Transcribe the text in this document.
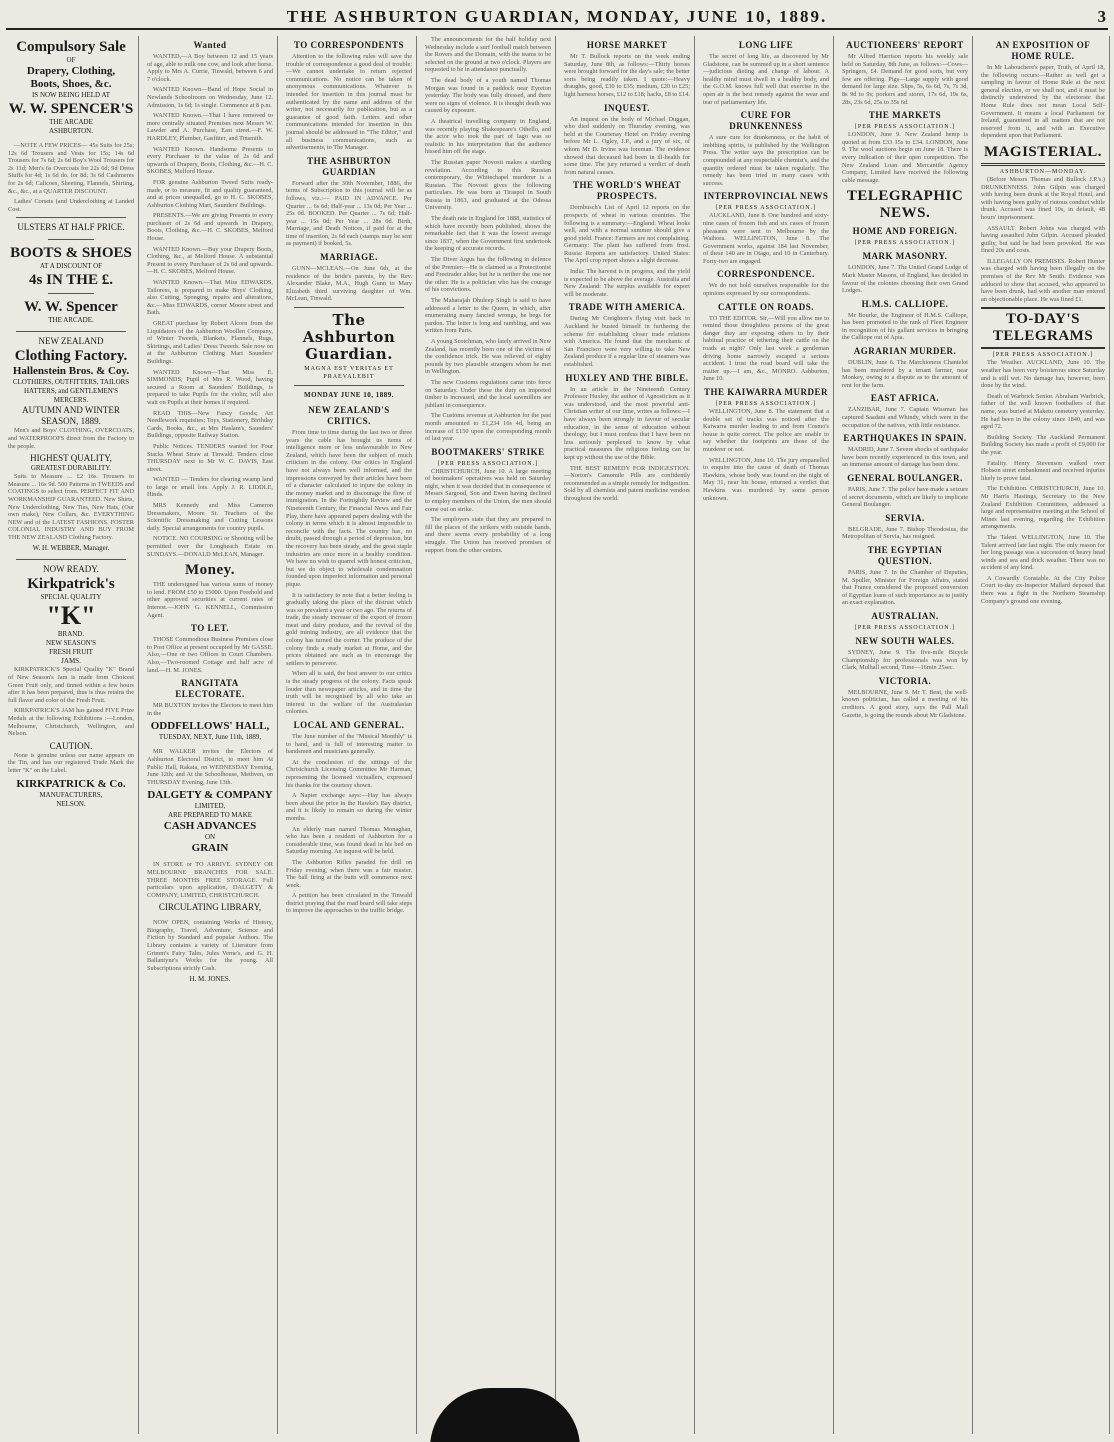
THE ASHBURTON GUARDIAN, MONDAY, JUNE 10, 1889.	3
Compulsory Sale
OF
Drapery, Clothing,
Boots, Shoes, &c.
IS NOW BEING HELD AT
W. W. SPENCER'S
THE ARCADE
ASHBURTON.

—NOTE A FEW PRICES— 45s Suits for 25s; 12s 6d Trousers and Vests for 15s; 14s 6d Trousers for 7s 6d; 2s 6d Boy's Wool Trousers for 2s 11d; Men's 6s Overcoats for 22s 6d; 9d Dress Stuffs for 4d; 1s 6d do. for 8d; 3s 6d Cashmeres for 2s 6d; Calicoes, Sheeting, Flannels, Shirting, &c., &c., at a QUARTER DISCOUNT.

Ladies' Corsets (and Underclothing at Landed Cost.

ULSTERS AT HALF PRICE.
BOOTS & SHOES
AT A DISCOUNT OF
4s IN THE £.
W. W. Spencer
THE ARCADE.
NEW ZEALAND
Clothing Factory.
Hallenstein Bros. & Coy.
CLOTHIERS, OUTFITTERS, TAILORS HATTERS, and GENTLEMEN'S MERCERS.
AUTUMN AND WINTER
SEASON, 1889.

Men's and Boys' CLOTHING, OVERCOATS, and WATERPROOFS direct from the Factory to the people.

HIGHEST QUALITY,
GREATEST DURABILITY.

Suits to Measure ... £2 16s. Trousers to Measure ... 16s 9d. 500 Patterns in TWEEDS and COATINGS to select from. PERFECT FIT AND WORKMANSHIP GUARANTEED. New Shirts, New Underclothing, New Ties, New Hats, (Our own make), New Collars, &c. EVERYTHING NEW and of the LATEST FASHIONS. FOSTER COLONIAL INDUSTRY AND BUY FROM THE NEW ZEALAND Clothing Factory.

W. H. WEBBER, Manager.
NOW READY.
Kirkpatrick's
SPECIAL QUALITY
"K"
BRAND.
NEW SEASON'S
FRESH FRUIT
JAMS.

KIRKPATRICK'S Special Quality "K" Brand of New Season's Jam is made from Choicest Green Fruit only, and tinned within a few hours after it has been prepared, thus is thus retains the full flavor and color of the Fresh Fruit.

KIRKPATRICK'S JAM has gained FIVE Prize Medals at the following Exhibitions :—London, Melbourne, Christchurch, Wellington, and Nelson.

CAUTION.

None is genuine unless our name appears on the Tin, and has our registered Trade Mark the letter "K" on the Label.

KIRKPATRICK & Co.
MANUFACTURERS,
NELSON.
Wanted

WANTED,—A Boy between 12 and 15 years of age, able to milk one cow, and look after horse. Apply to Mrs A. Currie, Tinwald, between 6 and 7 o'clock.

WANTED Known—Band of Hope Social in Newlands Schoolroom on Wednesday, June 12. Admission, 1s 6d; 1s single. Commence at 8 p.m.

WANTED Known.—That I have removed to more centrally situated Premises next Messrs W. Lawder and A. Purchase, East street.—F. W. HARDLEY, Plumber, Gasfitter, and Tinsmith.

WANTED Known. Handsome Presents to every Purchaser to the value of 2s 6d and upwards of Drapery, Boots, Clothing, &c.—H. C. SKOBES, Melford House.

FOR genuine Ashburton Tweed Suits ready-made, or to measure, fit and quality guaranteed, and at prices unequalled, go to H. C. SKOBES, Ashburton Clothing Mart, Saunders' Buildings.

PRESENTS.—We are giving Presents to every purchaser of 2s 6d and upwards in Drapery, Boots, Clothing, &c.—H. C. SKOBES, Melford House.

WANTED Known.—Buy your Drapery Boots, Clothing, &c., at Melford House. A substantial Present to every Purchaser of 2s 6d and upwards.—H. C. SKOBES, Melford House.

WANTED Known.—That Miss EDWARDS, Tailoress, is prepared to make Boys' Clothing, also Cutting, Sponging, repairs and alterations, &c.—Miss EDWARDS, corner Moore street and Bath.

GREAT purchase by Robert Alcorn from the Liquidators of the Ashburton Woollen Company, of Winter Tweeds, Blankets, Flannels, Rugs, Skirtings, and Ladies' Dress Tweeds. Sale now on at the Ashburton Clothing Mart Saunders' Buildings.

WANTED Known—That Miss E. SIMMONDS, Pupil of Mrs R. Wood, having secured a Room at Saunders' Buildings, is prepared to take Pupils for the violin; will also wait on Pupils at their homes if required.

READ THIS—New Fancy Goods; Art Needlework requisites; Toys, Stationery, Birthday Cards, Books, &c., at Mrs Haslam's, Saunders' Buildings, opposite Railway Station.

Public Notices. TENDERS wanted for Four Stacks Wheat Straw at Tinwald. Tenders close THURSDAY next to Mr W. C. DAVIS, East street.

WANTED — Tenders for clearing swamp land to large or small lots. Apply J. R. LIDDLE, Hinds.

MRS Kennedy and Miss Cameron Dressmakers, Moore St. Teachers of the Scientific Dressmaking and Cutting Lessons daily. Special arrangements for country pupils.

NOTICE. NO COURSING or Shooting will be permitted over the Longbeach Estate on SUNDAYS.—DONALD McLEAN, Manager.

Money.

THE undersigned has various sums of money to lend. FROM £50 to £5000. Upon Freehold and other approved securities at current rates of Interest.—JOHN G. KENNELL, Commission Agent.

TO LET.

THOSE Commodious Business Premises close to Post Office at present occupied by Mr GASSE. Also,—One or two Offices in Court Chambers. Also,—Two-roomed Cottage and half acre of land.—H. M. JONES.

RANGITATA ELECTORATE.

MR BUXTON invites the Electors to meet him in the

ODDFELLOWS' HALL,
TUESDAY, NEXT, June 11th, 1889,

MR WALKER invites the Electors of Ashburton Electoral District, to meet him At Public Hall, Rakaia, on WEDNESDAY Evening, June 12th; and At the Schoolhouse, Methven, on THURSDAY Evening, June 13th.

DALGETY & COMPANY
LIMITED,
ARE PREPARED TO MAKE
CASH ADVANCES
ON
GRAIN

IN STORE or TO ARRIVE. SYDNEY OR MELBOURNE BRANCHES FOR SALE. THREE MONTHS FREE STORAGE. Full particulars upon application, DALGETY & COMPANY, LIMITED, CHRISTCHURCH.

CIRCULATING LIBRARY,

NOW OPEN, containing Works of History, Biography, Travel, Adventure, Science and Fiction by Standard and popular Authors. The Library contains a variety of Literature from Grimm's Fairy Tales, Jules Verne's, and G. H. Ballantyne's Works for the young. All Subscriptions strictly Cash.

H. M. JONES.
TO CORRESPONDENTS

Attention to the following rules will save the trouble of correspondence a good deal of trouble:—We cannot undertake to return rejected communications. No notice can be taken of anonymous communications. Whatever is intended for insertion in this journal must be authenticated by the name and address of the writer, not necessarily for publication, but as a guarantee of good faith. Letters and other communications intended for insertion in this journal should be addressed to "The Editor," and all business communications, such as advertisements, to The Manager.

THE ASHBURTON GUARDIAN

Forward after the 30th November, 1886, the terms of Subscription to this journal will be as follows, viz.:— PAID IN ADVANCE. Per Quarter ... 6s 6d; Half-year ... 13s 0d; Per Year ... 25s 0d. BOOKED. Per Quarter ... 7s 6d; Half-year ... 15s 0d; Per Year ... 28s 0d. Birth, Marriage, and Death Notices, if paid for at the time of insertion, 2s 6d each (stamps may be sent as payment) if booked, 5s.

MARRIAGE.

GUNN—MCLEAN.—On June 6th, at the residence of the bride's parents, by the Rev. Alexander Blake, M.A., Hugh Gunn to Mary Elizabeth third surviving daughter of Wm. McLean, Tinwald.

The Ashburton Guardian.
MAGNA EST VERITAS ET PRAEVALEBIT
MONDAY JUNE 10, 1889.
NEW ZEALAND'S CRITICS.

From time to time during the last two or three years the cable has brought us items of intelligence more or less unfavourable to New Zealand, which have been the subject of much criticism in the colony. Our critics in England have not always been well informed, and the impressions conveyed by their articles have been of a character calculated to injure the colony in the money market and to discourage the flow of immigration. In the Fortnightly Review and the Nineteenth Century, the Financial News and Fair Play, there have appeared papers dealing with the colony in terms which it is almost impossible to reconcile with the facts. The country has, no doubt, passed through a period of depression, but the recovery has been steady, and the great staple industries are once more in a healthy condition. We have no wish to quarrel with honest criticism, but we do object to wholesale condemnation founded upon imperfect information and personal pique.

It is satisfactory to note that a better feeling is gradually taking the place of the distrust which was so prevalent a year or two ago. The returns of trade, the steady increase of the export of frozen meat and dairy produce, and the revival of the gold mining industry, are all evidence that the colony has turned the corner. The produce of the colony finds a ready market at Home, and the prices obtained are such as to encourage the settlers to persevere.

When all is said, the best answer to our critics is the steady progress of the colony. Facts speak louder than newspaper articles, and in time the truth will be recognised by all who take an interest in the welfare of the Australasian colonies.

LOCAL AND GENERAL.

The June number of the "Musical Monthly" is to hand, and is full of interesting matter to bandsmen and musicians generally.

At the conclusion of the sittings of the Christchurch Licensing Committee Mr Harman, representing the licensed victuallers, expressed his thanks for the courtesy shown.

A Napier exchange says:—Hay has always been about the price in the Hawke's Bay district, and it is likely to remain so during the winter months.

An elderly man named Thomas Monaghan, who has been a resident of Ashburton for a considerable time, was found dead in his bed on Saturday morning. An inquest will be held.

The Ashburton Rifles paraded for drill on Friday evening, when there was a fair muster. The ball firing at the butts will commence next week.

A petition has been circulated in the Tinwald district praying that the road board will take steps to improve the approaches to the traffic bridge.

The announcements for the half holiday next Wednesday include a surf football match between the Rovers and the Domain, with the teams to be selected on the ground at two o'clock. Players are requested to be in attendance punctually.

The dead body of a youth named Thomas Morgan was found in a paddock near Eyreton yesterday. The body was fully dressed, and there were no signs of violence. It is thought death was caused by exposure.

A theatrical travelling company in England, was recently playing Shakespeare's Othello, and the actor who took the part of Iago was so realistic in his interpretation that the audience hissed him off the stage.

The Russian paper Novosti makes a startling revelation. According to this Russian contemporary, the Whitechapel murderer is a Russian. The Novosti gives the following particulars. He was born at Tiraspol in South Russia in 1863, and graduated at the Odessa University.

The death rate in England for 1888, statistics of which have recently been published, shows the remarkable fact that it was the lowest average since 1837, when the Government first undertook the keeping of accurate records.

The Diver Argus has the following in defence of the Premier:—He is claimed as a Protectionist and Freetrader alike; but he is neither the one nor the other. He is a politician who has the courage of his convictions.

The Maharajah Dhuleep Singh is said to have addressed a letter to the Queen, in which, after enumerating many fancied wrongs, he begs for pardon. The letter is long and rambling, and was written from Paris.

A young Scotchman, who lately arrived in New Zealand, has recently been one of the victims of the confidence trick. He was relieved of eighty pounds by two plausible strangers whom he met in Wellington.

The new Customs regulations came into force on Saturday. Under these the duty on imported timber is increased, and the local sawmillers are jubilant in consequence.

The Customs revenue at Ashburton for the past month amounted to £1,234 16s 4d, being an increase of £150 upon the corresponding month of last year.

BOOTMAKERS' STRIKE
[PER PRESS ASSOCIATION.]

CHRISTCHURCH, June 10. A large meeting of bootmakers' operatives was held on Saturday night, when it was decided that in consequence of Messrs Sargood, Son and Ewen having declined to employ members of the Union, the men should come out on strike.

The employers state that they are prepared to fill the places of the strikers with outside hands, and there seems every probability of a long struggle. The Union has received promises of support from the other centres.

HORSE MARKET

Mr T. Bullock reports on the week ending Saturday, June 8th, as follows:—Thirty horses were brought forward for the day's sale; the better sorts being readily taken. I quote:—Heavy draughts, good, £30 to £35; medium, £20 to £25; light harness horses, £12 to £18; hacks, £8 to £14.

INQUEST.

An inquest on the body of Michael Duggan, who died suddenly on Thursday evening, was held at the Courtenay Hotel on Friday evening before Mr L. Ogley, J.P., and a jury of six, of whom Mr D. Irvine was foreman. The evidence showed that deceased had been in ill-health for some time. The jury returned a verdict of death from natural causes.

THE WORLD'S WHEAT PROSPECTS.

Dornbusch's List of April 12 reports on the prospects of wheat in various countries. The following is a summary:—England: Wheat looks well, and with a normal summer should give a good yield. France: Farmers are not complaining. Germany: The plant has suffered from frost. Russia: Reports are satisfactory. United States: The April crop report shows a slight decrease.

India: The harvest is in progress, and the yield is expected to be above the average. Australia and New Zealand: The surplus available for export will be moderate.

TRADE WITH AMERICA.

During Mr Creighton's flying visit back to Auckland he busied himself in furthering the scheme for establishing closer trade relations with America. He found that the merchants of San Francisco were very willing to take New Zealand produce if a regular line of steamers was established.

HUXLEY AND THE BIBLE.

In an article in the Nineteenth Century Professor Huxley, the author of Agnosticism as it was understood, and the most powerful anti-Christian writer of our time, writes as follows:—I have always been strongly in favour of secular education, in the sense of education without theology; but I must confess that I have been no less seriously perplexed to know by what practical measures the religious feeling can be kept up without the use of the Bible.

THE BEST REMEDY FOR INDIGESTION.—Norton's Camomile Pills are confidently recommended as a simple remedy for indigestion. Sold by all chemists and patent medicine vendors throughout the world.

LONG LIFE

The secret of long life, as discovered by Mr Gladstone, can be summed up in a short sentence—judicious dieting and change of labour. A healthy mind must dwell in a healthy body, and the G.O.M. knows full well that exercise in the open air is the best remedy against the wear and tear of parliamentary life.

CURE FOR DRUNKENNESS

A sure cure for drunkenness, or the habit of imbibing spirits, is published by the Wellington Press. The writer says the prescription can be compounded at any respectable chemist's, and the quantity ordered must be taken regularly. The remedy has been tried in many cases with success.

INTERPROVINCIAL NEWS
[PER PRESS ASSOCIATION.]

AUCKLAND, June 8. One hundred and sixty-nine cases of frozen fish and six cases of frozen pheasants were sent to Melbourne by the Waihora. WELLINGTON, June 8. The Government works, against 184 last November, of these 140 are in Otago, and 10 in Canterbury. Forty-two are engaged.

CORRESPONDENCE.

We do not hold ourselves responsible for the opinions expressed by our correspondents.

CATTLE ON ROADS.

TO THE EDITOR. Sir,—Will you allow me to remind those thoughtless persons of the great danger they are exposing others to by their habitual practice of tethering their cattle on the roads at night? Only last week a gentleman driving home narrowly escaped a serious accident. I trust the road board will take the matter up.—I am, &c., MONRO. Ashburton, June 10.

THE KAIWARRA MURDER
[PER PRESS ASSOCIATION.]

WELLINGTON, June 8. The statement that a double set of tracks was noticed after the Kaiwarra murder leading to and from Cosmo's house is quite correct. The police are unable to say whether the footprints are those of the murderer or not.

WELLINGTON, June 10. The jury empanelled to enquire into the cause of death of Thomas Hawkins, whose body was found on the night of May 31, near his house, returned a verdict that Hawkins was murdered by some person unknown.

AUCTIONEERS' REPORT

Mr Alfred Harrison reports his weekly sale held on Saturday, 8th June, as follows:—Cows—Springers, £4. Demand for good sorts, but very few are offering. Pigs—Large supply with good demand for large size. Slips, 5s, 6s 6d, 7s, 7s 3d, 8s 9d to 9s; porkers and stores, 17s 6d, 19s 6s, 28s, 23s 6d, 25s to 35s 6d.

THE MARKETS
[PER PRESS ASSOCIATION.]

LONDON, June 9. New Zealand hemp is quoted at from £33 15s to £34. LONDON, June 9. The wool auctions begin on June 18. There is every indication of their open competition. The New Zealand Loan and Mercantile Agency Company, Limited have received the following cable message.

TELEGRAPHIC NEWS.
HOME AND FOREIGN.
[PER PRESS ASSOCIATION.]
MARK MASONRY.

LONDON, June 7. The United Grand Lodge of Mark Master Masons, of England, has decided in favour of the colonies choosing their own Grand Lodges.

H.M.S. CALLIOPE.

Mr Bourke, the Engineer of H.M.S. Calliope, has been promoted to the rank of Fleet Engineer in recognition of his gallant services in bringing the Calliope out of Apia.

AGRARIAN MURDER.

DUBLIN, June 6. The Marchioness Chantelot has been murdered by a tenant farmer, near Monkey, owing to a dispute as to the amount of rent for the farm.

EAST AFRICA.

ZANZIBAR, June 7. Captain Wissman has captured Saadani and Whindy, which were in the occupation of the natives, with little resistance.

EARTHQUAKES IN SPAIN.

MADRID, June 7. Severe shocks of earthquake have been recently experienced in this town, and an immense amount of damage has been done.

GENERAL BOULANGER.

PARIS, June 7. The police have made a seizure of secret documents, which are likely to implicate General Boulanger.

SERVIA.

BELGRADE, June 7. Bishop Theodosius, the Metropolitan of Servia, has resigned.

THE EGYPTIAN QUESTION.

PARIS, June 7. In the Chamber of Deputies, M. Spuller, Minister for Foreign Affairs, stated that France considered the proposed conversion of Egyptian loans of such importance as to justify an exact explanation.

AUSTRALIAN.
[PER PRESS ASSOCIATION.]
NEW SOUTH WALES.

SYDNEY, June 9. The five-mile Bicycle Championship for professionals was won by Clark, Mulhall second, Time—16min 25sec.

VICTORIA.

MELBOURNE, June 9. Mr T. Bent, the well-known politician, has called a meeting of his creditors. A good story, says the Pall Mall Gazette, is going the rounds about Mr Gladstone.

AN EXPOSITION OF HOME RULE.

In Mr Labouchere's paper, Truth, of April 18, the following occurs:—Rather as well get a sampling in favour of Home Rule at the next general election, or we shall not, and it must be distinctly understood by the electorate that Home Rule does not mean Local Self-Government. It means a local Parliament for Ireland, guaranteed in all matters that are not reserved from it, and with an Executive dependent upon that Parliament.

MAGISTERIAL.
ASHBURTON—MONDAY.

(Before Messrs Thomas and Bullock J.P.'s.) DRUNKENNESS. John Gilpin was charged with having been drunk at the Royal Hotel, and with having been guilty of riotous conduct while drunk. Accused was fined 10s, in default, 48 hours' imprisonment.

ASSAULT. Robert Johns was charged with having assaulted John Gilpin. Accused pleaded guilty, but said he had been provoked. He was fined 20s and costs.

ILLEGALLY ON PREMISES. Robert Hunter was charged with having been illegally on the premises of the Rev Mr Smith. Evidence was adduced to show that accused, who appeared to have been drunk, had with another man entered an objectionable place. He was fined £1.

TO-DAY'S TELEGRAMS
[PER PRESS ASSOCIATION.]

The Weather. AUCKLAND, June 10. The weather has been very boisterous since Saturday and is still wet. No damage has, however, been done by the wind.

Death of Warbrick Senior. Abraham Warbrick, father of the well known footballers of that name, was buried at Maketu cemetery yesterday. He had been in the colony since 1840, and was aged 72.

Building Society. The Auckland Permanent Building Society has made a profit of £9,000 for the year.

Fatality. Henry Stevenson walked over Hobson street embankment and received injuries likely to prove fatal.

The Exhibition. CHRISTCHURCH, June 10. Mr Harris Hastings, Secretary to the New Zealand Exhibition Committees, addressed a large and representative meeting at the School of Mines last evening, regarding the Exhibition arrangements.

The Talent. WELLINGTON, June 10. The Talent arrived late last night. The only reason for her long passage was a succession of heavy head winds and sea and thick weather. There was no accident of any kind.

A Cowardly Constable. At the City Police Court to-day ex-Inspector Mallard deposed that there was a fight in the Northern Steamship Company's ground one evening.
